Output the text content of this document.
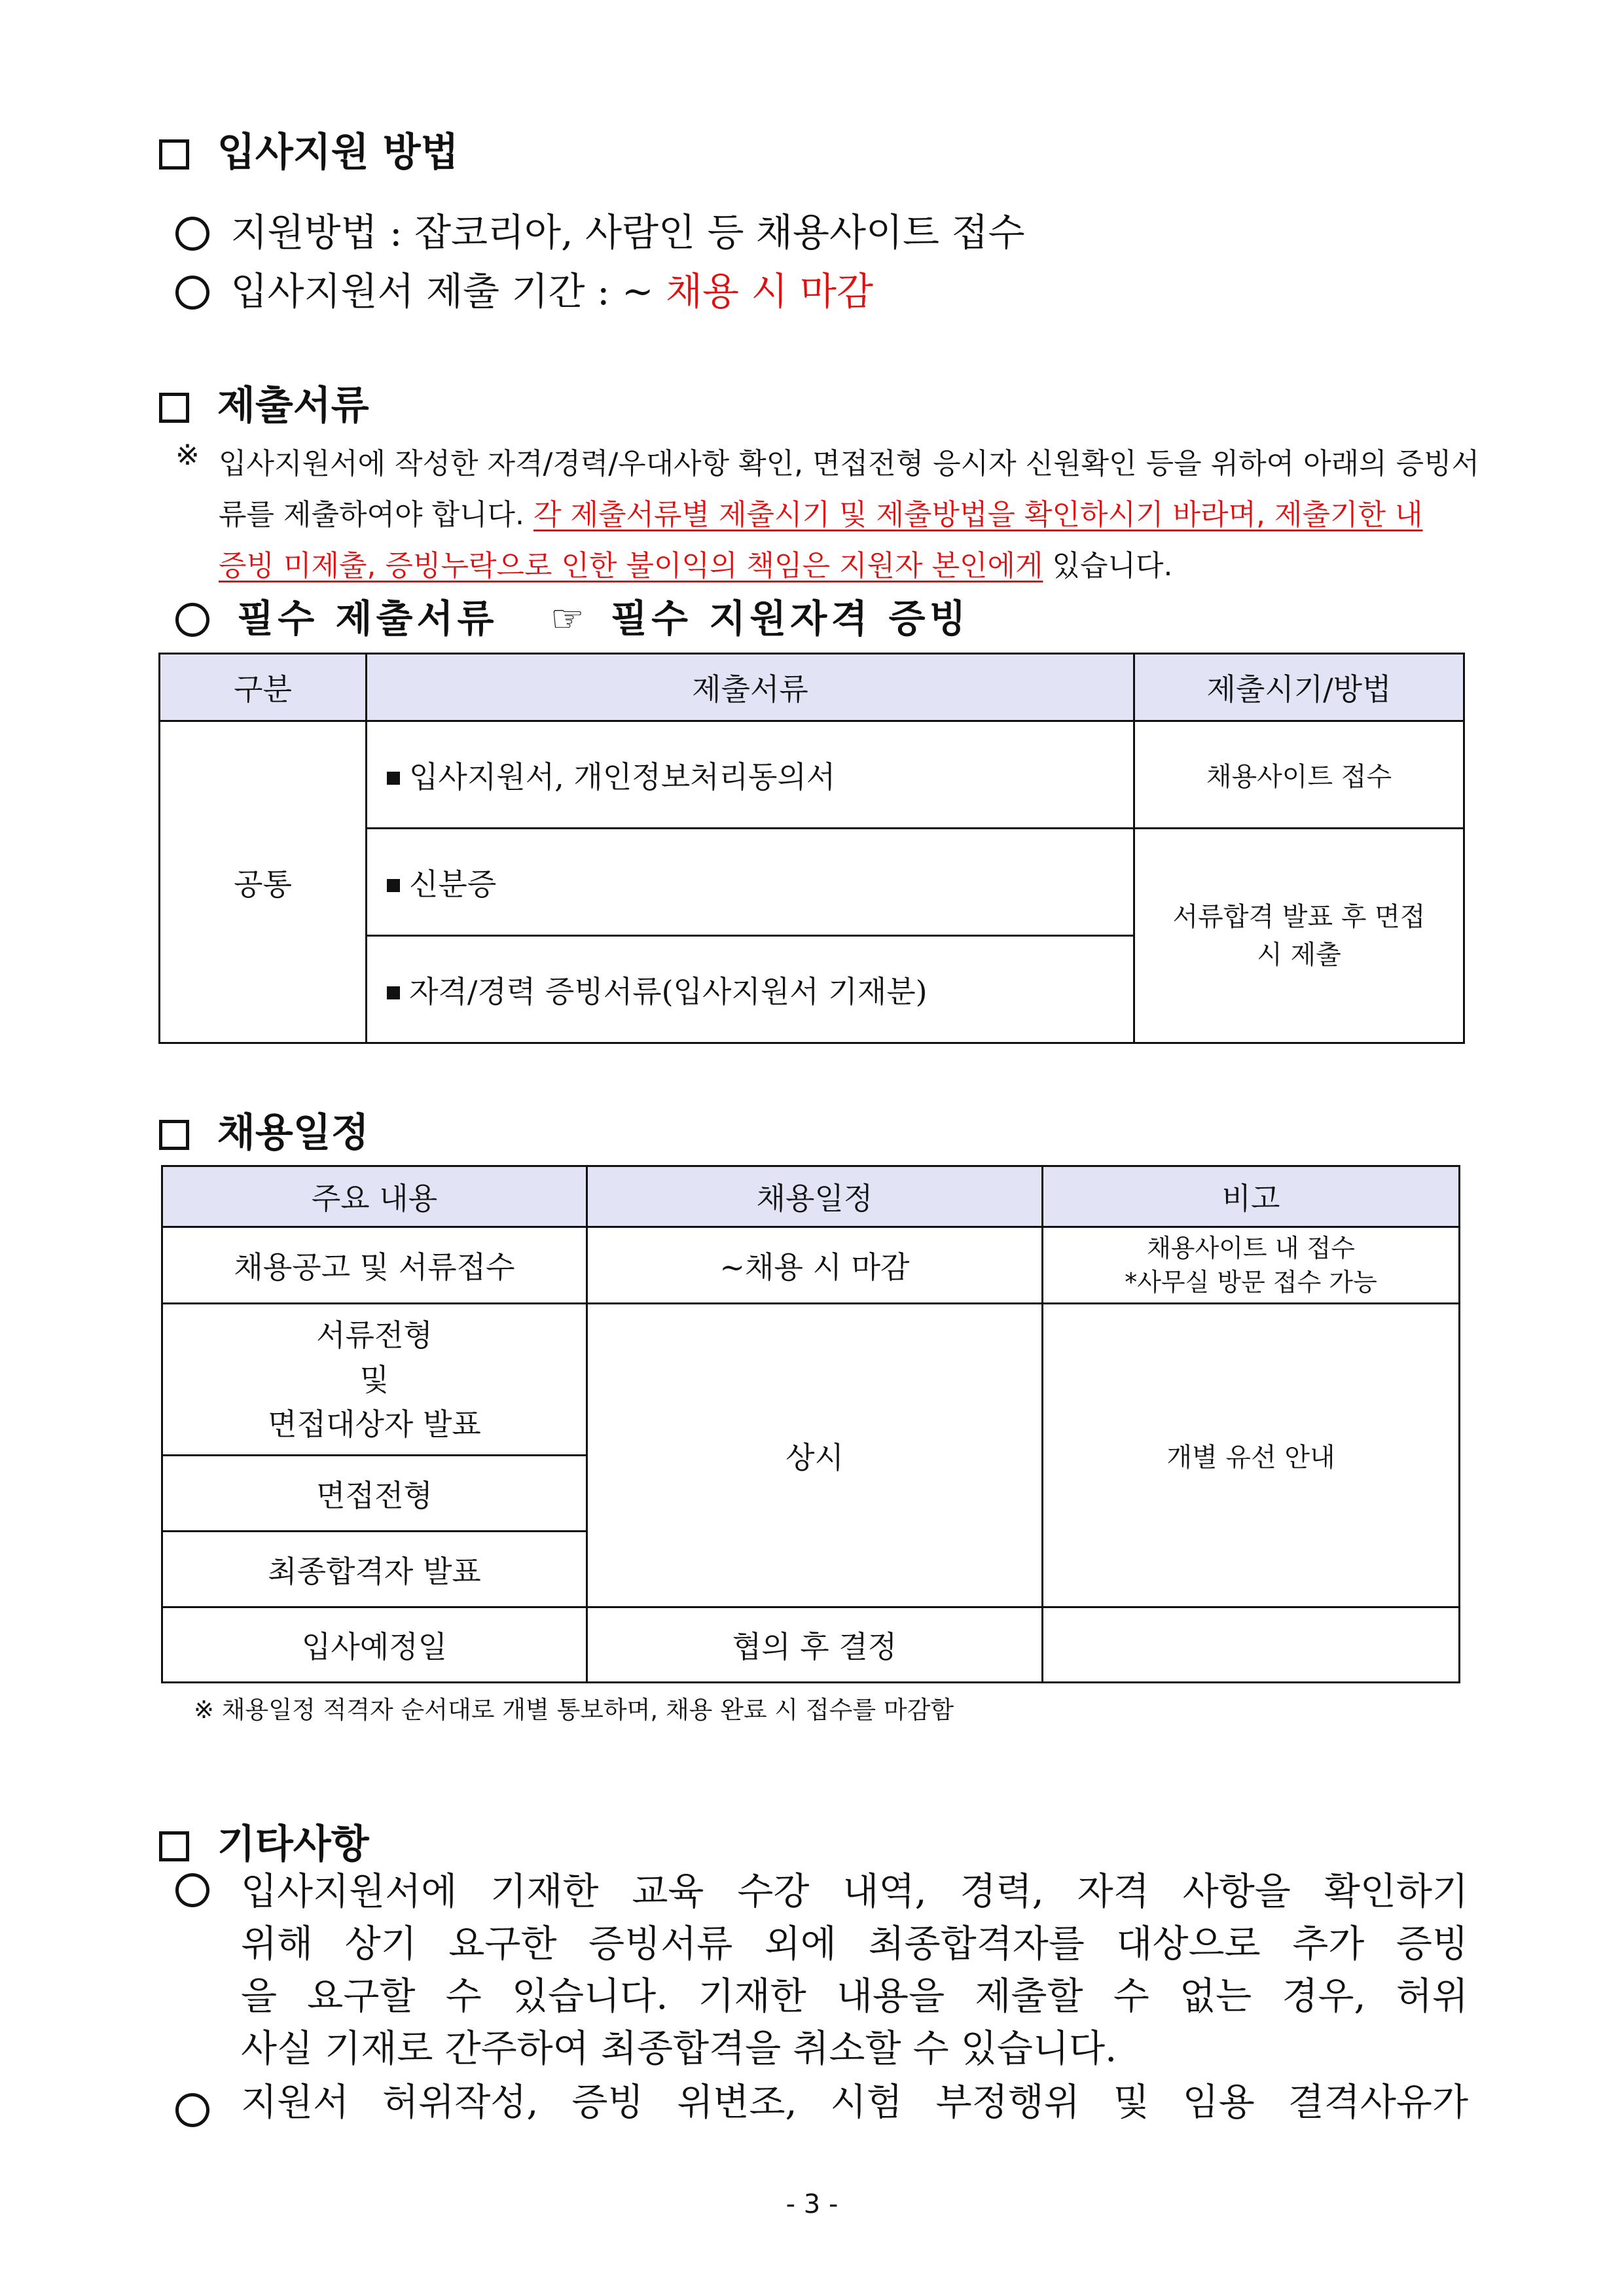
입사지원 방법
지원방법 : 잡코리아, 사람인 등 채용사이트 접수
입사지원서 제출 기간 : ~ 채용 시 마감
제출서류
※ 입사지원서에 작성한 자격/경력/우대사항 확인, 면접전형 응시자 신원확인 등을 위하여 아래의 증빙서
류를 제출하여야 합니다. 각 제출서류별 제출시기 및 제출방법을 확인하시기 바라며, 제출기한 내
증빙 미제출, 증빙누락으로 인한 불이익의 책임은 지원자 본인에게 있습니다.
필수 제출서류 ☞ 필수 지원자격 증빙
구분	제출서류	제출시기/방법
공통	입사지원서, 개인정보처리동의서	채용사이트 접수
	신분증	서류합격 발표 후 면접
시 제출
	자격/경력 증빙서류(입사지원서 기재분)	
채용일정
주요 내용	채용일정	비고
채용공고 및 서류접수	~채용 시 마감	채용사이트 내 접수
*사무실 방문 접수 가능
서류전형
및
면접대상자 발표	상시	개별 유선 안내
면접전형		
최종합격자 발표		
입사예정일	협의 후 결정	
※ 채용일정 적격자 순서대로 개별 통보하며, 채용 완료 시 접수를 마감함
기타사항
입사지원서에 기재한 교육 수강 내역, 경력, 자격 사항을 확인하기
위해 상기 요구한 증빙서류 외에 최종합격자를 대상으로 추가 증빙
을 요구할 수 있습니다. 기재한 내용을 제출할 수 없는 경우, 허위
사실 기재로 간주하여 최종합격을 취소할 수 있습니다.
지원서 허위작성, 증빙 위변조, 시험 부정행위 및 임용 결격사유가
- 3 -
